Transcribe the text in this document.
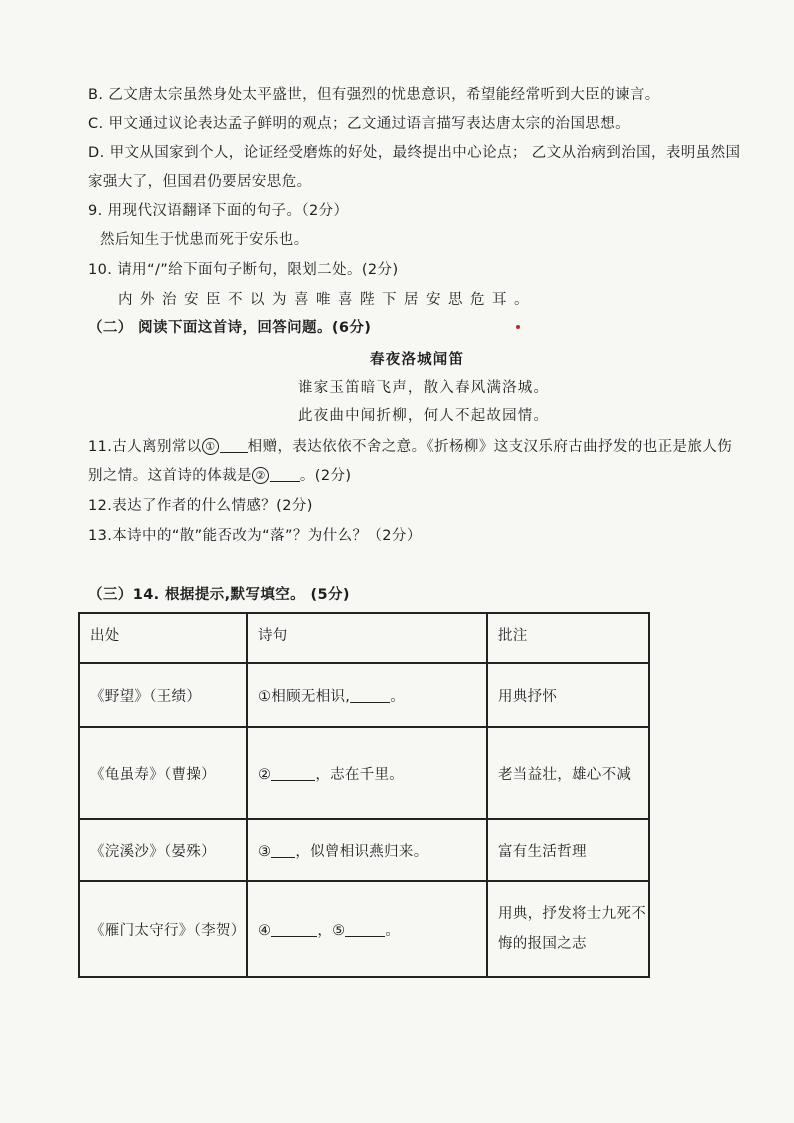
B. 乙文唐太宗虽然身处太平盛世，但有强烈的忧患意识，希望能经常听到大臣的谏言。
C. 甲文通过议论表达孟子鲜明的观点；乙文通过语言描写表达唐太宗的治国思想。
D. 甲文从国家到个人，论证经受磨炼的好处，最终提出中心论点； 乙文从治病到治国，表明虽然国
家强大了，但国君仍要居安思危。
9. 用现代汉语翻译下面的句子。（2分）
然后知生于忧患而死于安乐也。
10. 请用“/”给下面句子断句，限划二处。(2分)
内外治安臣不以为喜唯喜陛下居安思危耳。
（二） 阅读下面这首诗，回答问题。(6分)
春夜洛城闻笛
谁家玉笛暗飞声，散入春风满洛城。
此夜曲中闻折柳，何人不起故园情。
11.古人离别常以 ① 相赠，表达依依不舍之意。《折杨柳》这支汉乐府古曲抒发的也正是旅人伤
别之情。这首诗的体裁是 ② 。(2分)
12.表达了作者的什么情感？(2分)
13.本诗中的“散”能否改为“落”？为什么？（2分）
（三）14. 根据提示,默写填空。 (5分)
出处	诗句	批注
《野望》（王绩）	①相顾无相识, 。	用典抒怀
《龟虽寿》（曹操）	② ，志在千里。	老当益壮，雄心不减
《浣溪沙》（晏殊）	③ ，似曾相识燕归来。	富有生活哲理
《雁门太守行》（李贺）	④ ，⑤ 。	用典，抒发将士九死不
悔的报国之志
